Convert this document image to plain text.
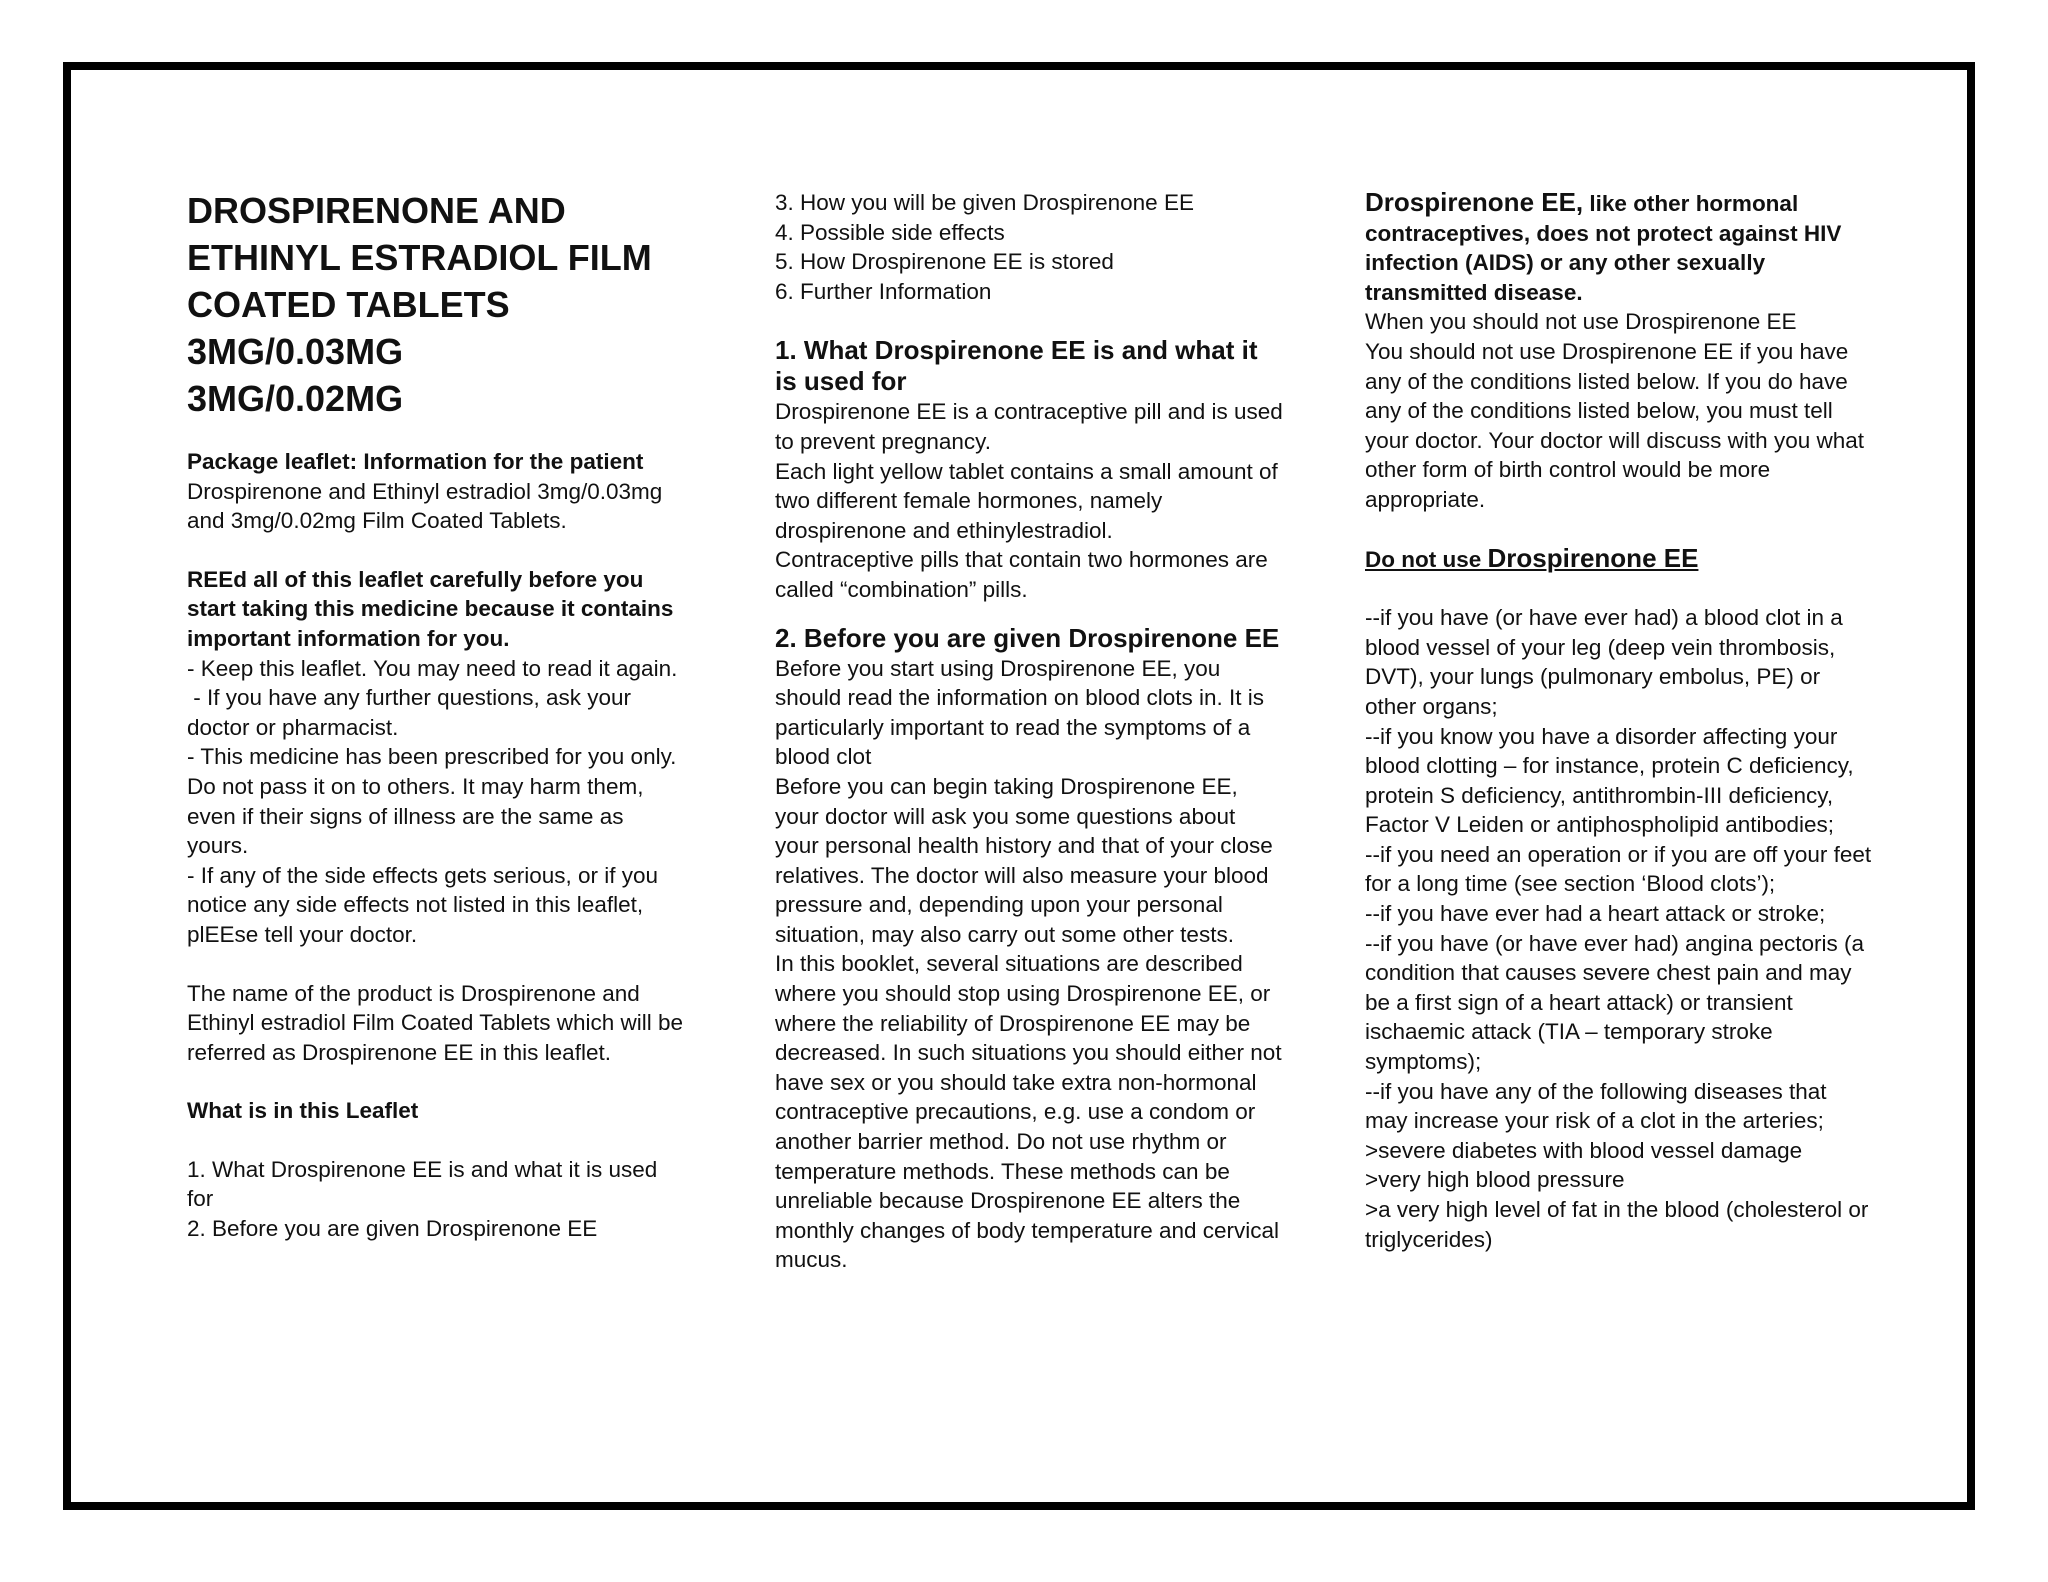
DROSPIRENONE AND
ETHINYL ESTRADIOL FILM
COATED TABLETS
3MG/0.03MG
3MG/0.02MG

Package leaflet: Information for the patient

Drospirenone and Ethinyl estradiol 3mg/0.03mg and 3mg/0.02mg Film Coated Tablets.

REEd all of this leaflet carefully before you start taking this medicine because it contains important information for you.

- Keep this leaflet. You may need to read it again.

- If you have any further questions, ask your doctor or pharmacist.

- This medicine has been prescribed for you only. Do not pass it on to others. It may harm them, even if their signs of illness are the same as yours.

- If any of the side effects gets serious, or if you notice any side effects not listed in this leaflet, plEEse tell your doctor.

The name of the product is Drospirenone and Ethinyl estradiol Film Coated Tablets which will be referred as Drospirenone EE in this leaflet.

What is in this Leaflet

1. What Drospirenone EE is and what it is used for

2. Before you are given Drospirenone EE

3. How you will be given Drospirenone EE

4. Possible side effects

5. How Drospirenone EE is stored

6. Further Information

1. What Drospirenone EE is and what it is used for

Drospirenone EE is a contraceptive pill and is used to prevent pregnancy.

Each light yellow tablet contains a small amount of two different female hormones, namely drospirenone and ethinylestradiol.

Contraceptive pills that contain two hormones are called “combination” pills.

2. Before you are given Drospirenone EE

Before you start using Drospirenone EE, you should read the information on blood clots in. It is particularly important to read the symptoms of a blood clot

Before you can begin taking Drospirenone EE, your doctor will ask you some questions about your personal health history and that of your close relatives. The doctor will also measure your blood pressure and, depending upon your personal situation, may also carry out some other tests.

In this booklet, several situations are described where you should stop using Drospirenone EE, or where the reliability of Drospirenone EE may be decreased. In such situations you should either not have sex or you should take extra non-hormonal contraceptive precautions, e.g. use a condom or another barrier method. Do not use rhythm or temperature methods. These methods can be unreliable because Drospirenone EE alters the monthly changes of body temperature and cervical mucus.

Drospirenone EE, like other hormonal contraceptives, does not protect against HIV infection (AIDS) or any other sexually transmitted disease.

When you should not use Drospirenone EE

You should not use Drospirenone EE if you have any of the conditions listed below. If you do have any of the conditions listed below, you must tell your doctor. Your doctor will discuss with you what other form of birth control would be more appropriate.

Do not use Drospirenone EE

--if you have (or have ever had) a blood clot in a blood vessel of your leg (deep vein thrombosis, DVT), your lungs (pulmonary embolus, PE) or other organs;

--if you know you have a disorder affecting your blood clotting – for instance, protein C deficiency, protein S deficiency, antithrombin-III deficiency, Factor V Leiden or antiphospholipid antibodies;

--if you need an operation or if you are off your feet for a long time (see section ‘Blood clots’);

--if you have ever had a heart attack or stroke;

--if you have (or have ever had) angina pectoris (a condition that causes severe chest pain and may be a first sign of a heart attack) or transient ischaemic attack (TIA – temporary stroke symptoms);

--if you have any of the following diseases that may increase your risk of a clot in the arteries;

>severe diabetes with blood vessel damage

>very high blood pressure

>a very high level of fat in the blood (cholesterol or triglycerides)
